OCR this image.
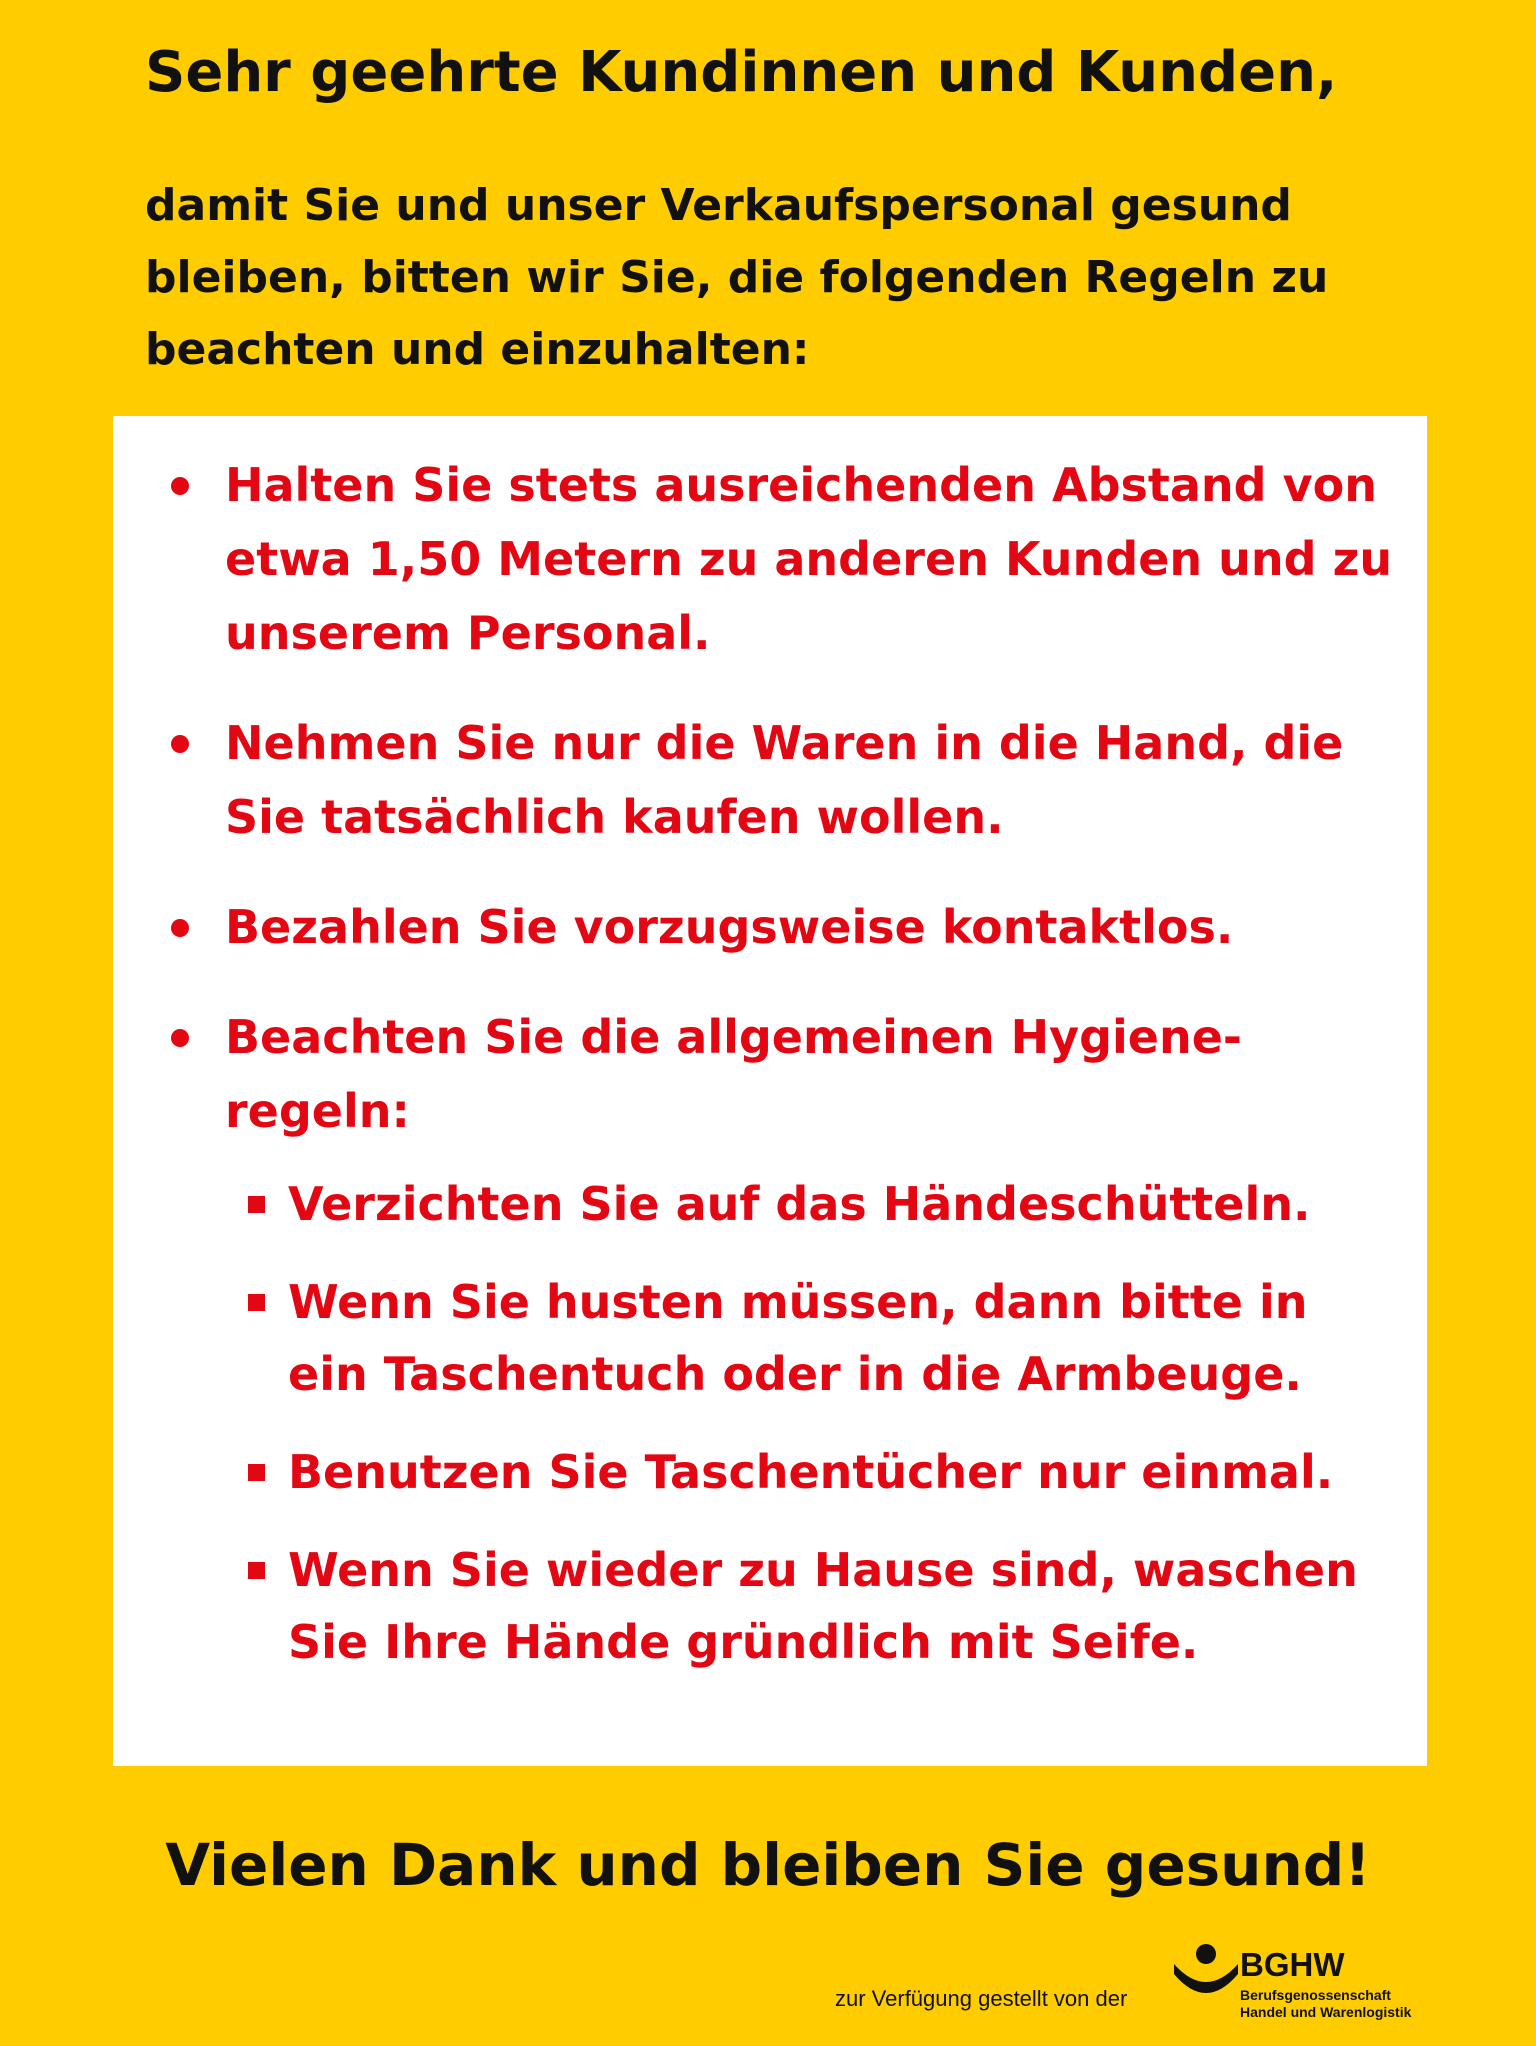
Sehr geehrte Kundinnen und Kunden,

damit Sie und unser Verkaufspersonal gesund bleiben, bitten wir Sie, die folgenden Regeln zu beachten und einzuhalten:

Halten Sie stets ausreichenden Abstand von etwa 1,50 Metern zu anderen Kunden und zu unserem Personal.
Nehmen Sie nur die Waren in die Hand, die Sie tatsächlich kaufen wollen.
Bezahlen Sie vorzugsweise kontaktlos.
Beachten Sie die allgemeinen Hygiene-regeln:
Verzichten Sie auf das Händeschütteln.
Wenn Sie husten müssen, dann bitte in ein Taschentuch oder in die Armbeuge.
Benutzen Sie Taschentücher nur einmal.
Wenn Sie wieder zu Hause sind, waschen Sie Ihre Hände gründlich mit Seife.

Vielen Dank und bleiben Sie gesund!

zur Verfügung gestellt von der
BGHW
Berufsgenossenschaft
Handel und Warenlogistik
